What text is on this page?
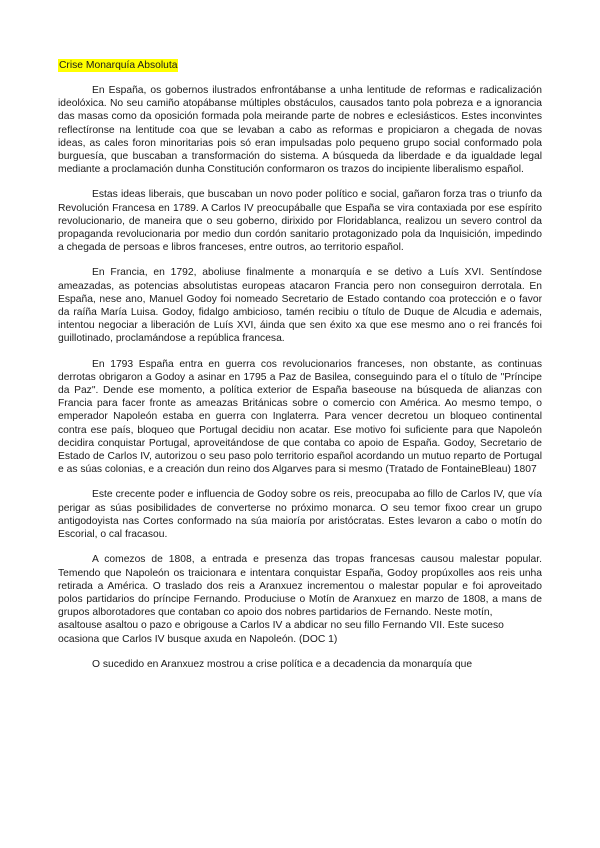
Crise Monarquía Absoluta

En España, os gobernos ilustrados enfrontábanse a unha lentitude de reformas e radicalización ideolóxica. No seu camiño atopábanse múltiples obstáculos, causados tanto pola pobreza e a ignorancia das masas como da oposición formada pola meirande parte de nobres e eclesiásticos. Estes inconvintes reflectíronse na lentitude coa que se levaban a cabo as reformas e propiciaron a chegada de novas ideas, as cales foron minoritarias pois só eran impulsadas polo pequeno grupo social conformado pola burguesía, que buscaban a transformación do sistema. A búsqueda da liberdade e da igualdade legal mediante a proclamación dunha Constitución conformaron os trazos do incipiente liberalismo español.

Estas ideas liberais, que buscaban un novo poder político e social, gañaron forza tras o triunfo da Revolución Francesa en 1789. A Carlos IV preocupáballe que España se vira contaxiada por ese espírito revolucionario, de maneira que o seu goberno, dirixido por Floridablanca, realizou un severo control da propaganda revolucionaria por medio dun cordón sanitario protagonizado pola da Inquisición, impedindo a chegada de persoas e libros franceses, entre outros, ao territorio español.

En Francia, en 1792, aboliuse finalmente a monarquía e se detivo a Luís XVI. Sentíndose ameazadas, as potencias absolutistas europeas atacaron Francia pero non conseguiron derrotala. En España, nese ano, Manuel Godoy foi nomeado Secretario de Estado contando coa protección e o favor da raíña María Luisa. Godoy, fidalgo ambicioso, tamén recibiu o título de Duque de Alcudia e ademais, intentou negociar a liberación de Luís XVI, áinda que sen éxito xa que ese mesmo ano o rei francés foi guillotinado, proclamándose a república francesa.

En 1793 España entra en guerra cos revolucionarios franceses, non obstante, as continuas derrotas obrigaron a Godoy a asinar en 1795 a Paz de Basilea, conseguindo para el o título de "Príncipe da Paz". Dende ese momento, a política exterior de España baseouse na búsqueda de alianzas con Francia para facer fronte as ameazas Británicas sobre o comercio con América. Ao mesmo tempo, o emperador Napoleón estaba en guerra con Inglaterra. Para vencer decretou un bloqueo continental contra ese país, bloqueo que Portugal decidiu non acatar. Ese motivo foi suficiente para que Napoleón decidira conquistar Portugal, aproveitándose de que contaba co apoio de España. Godoy, Secretario de Estado de Carlos IV, autorizou o seu paso polo territorio español acordando un mutuo reparto de Portugal e as súas colonias, e a creación dun reino dos Algarves para si mesmo (Tratado de FontaineBleau) 1807

Este crecente poder e influencia de Godoy sobre os reis, preocupaba ao fillo de Carlos IV, que vía perigar as súas posibilidades de converterse no próximo monarca. O seu temor fixoo crear un grupo antigodoyista nas Cortes conformado na súa maioría por aristócratas. Estes levaron a cabo o motín do Escorial, o cal fracasou.

A comezos de 1808, a entrada e presenza das tropas francesas causou malestar popular. Temendo que Napoleón os traicionara e intentara conquistar España, Godoy propúxolles aos reis unha retirada a América. O traslado dos reis a Aranxuez incrementou o malestar popular e foi aproveitado polos partidarios do príncipe Fernando. Produciuse o Motín de Aranxuez en marzo de 1808, a mans de grupos alborotadores que contaban co apoio dos nobres partidarios de Fernando. Neste motín,

asaltouse asaltou o pazo e obrigouse a Carlos IV a abdicar no seu fillo Fernando VII. Este suceso ocasiona que Carlos IV busque axuda en Napoleón. (DOC 1)

O sucedido en Aranxuez mostrou a crise política e a decadencia da monarquía que
